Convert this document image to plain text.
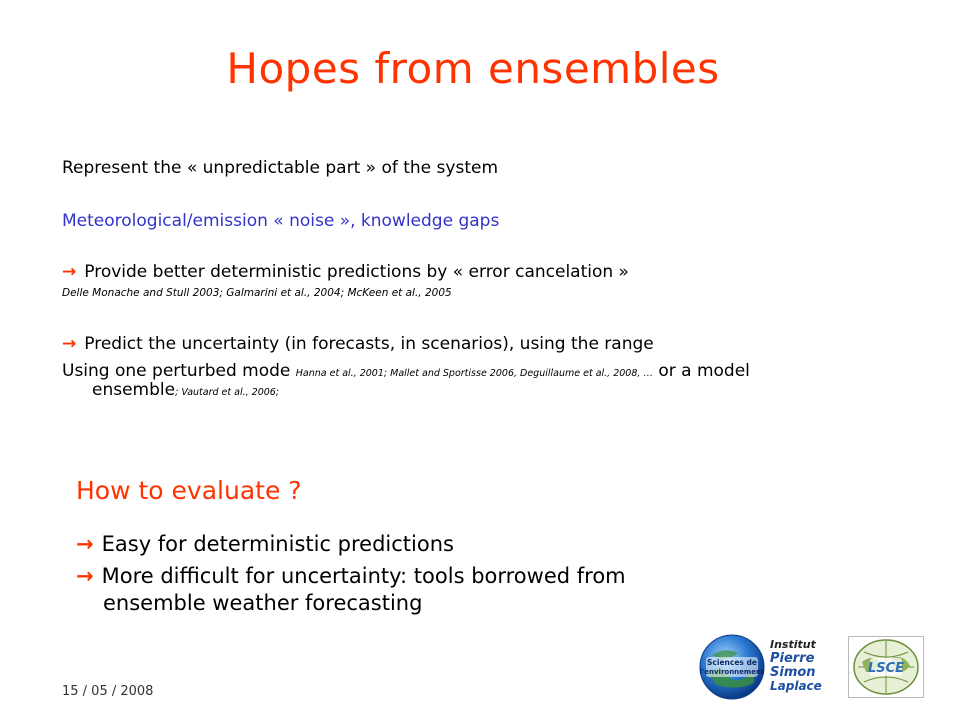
Hopes from ensembles
Represent the « unpredictable part » of the system
Meteorological/emission « noise », knowledge gaps
→ Provide better deterministic predictions by « error cancelation »
Delle Monache and Stull 2003; Galmarini et al., 2004; McKeen et al., 2005
→ Predict the uncertainty (in forecasts, in scenarios), using the range
Using one perturbed mode Hanna et al., 2001; Mallet and Sportisse 2006, Deguillaume et al., 2008, … or a model
ensemble; Vautard et al., 2006;
How to evaluate ?
→ Easy for deterministic predictions
→ More difficult for uncertainty: tools borrowed from
ensemble weather forecasting
15 / 05 / 2008
Sciences de
l'environnement
Institut
Pierre
Simon
Laplace
LSCE
